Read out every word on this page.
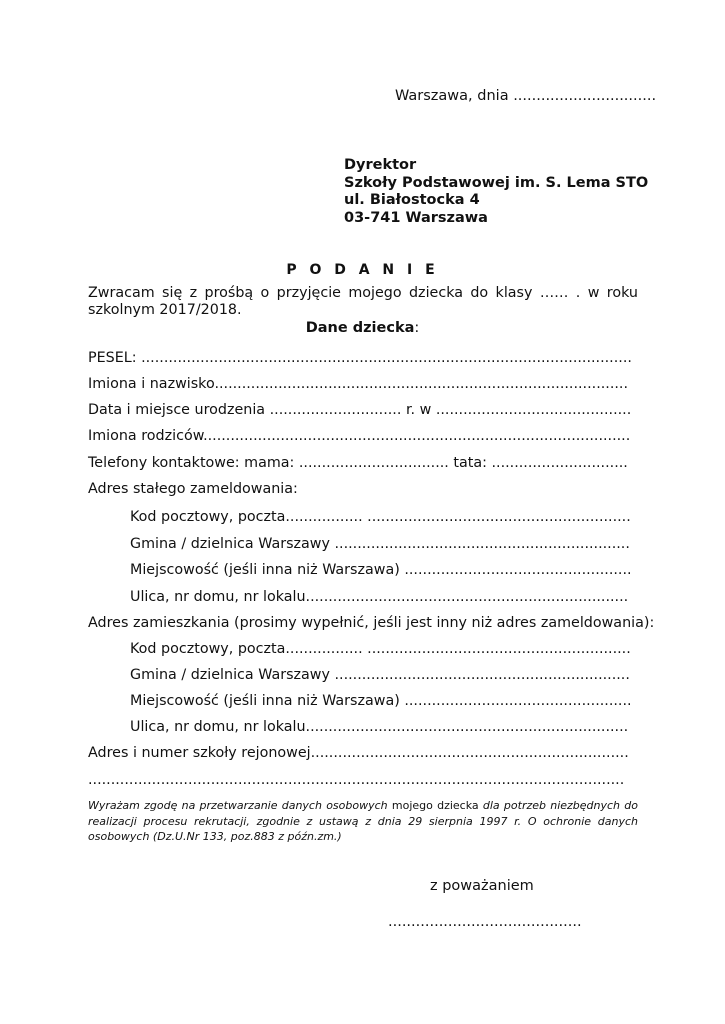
Warszawa, dnia ...............................
Dyrektor
Szkoły Podstawowej im. S. Lema STO
ul. Białostocka 4
03-741 Warszawa
P O D A N I E
Zwracam się z prośbą o przyjęcie mojego dziecka do klasy …… . w roku szkolnym 2017/2018.
Dane dziecka:
PESEL: ............................................................................................................
Imiona i nazwisko...........................................................................................
Data i miejsce urodzenia ............................. r. w ...........................................
Imiona rodziców..............................................................................................
Telefony kontaktowe: mama: ................................. tata: ..............................
Adres stałego zameldowania:
Kod pocztowy, poczta................. ..........................................................
Gmina / dzielnica Warszawy .................................................................
Miejscowość (jeśli inna niż Warszawa) ..................................................
Ulica, nr domu, nr lokalu.......................................................................
Adres zamieszkania (prosimy wypełnić, jeśli jest inny niż adres zameldowania):
Kod pocztowy, poczta................. ..........................................................
Gmina / dzielnica Warszawy .................................................................
Miejscowość (jeśli inna niż Warszawa) ..................................................
Ulica, nr domu, nr lokalu.......................................................................
Adres i numer szkoły rejonowej......................................................................
......................................................................................................................
Wyrażam zgodę na przetwarzanie danych osobowych mojego dziecka dla potrzeb niezbędnych do realizacji procesu rekrutacji, zgodnie z ustawą z dnia 29 sierpnia 1997 r. O ochronie danych osobowych (Dz.U.Nr 133, poz.883 z późn.zm.)
z poważaniem
..........................................
